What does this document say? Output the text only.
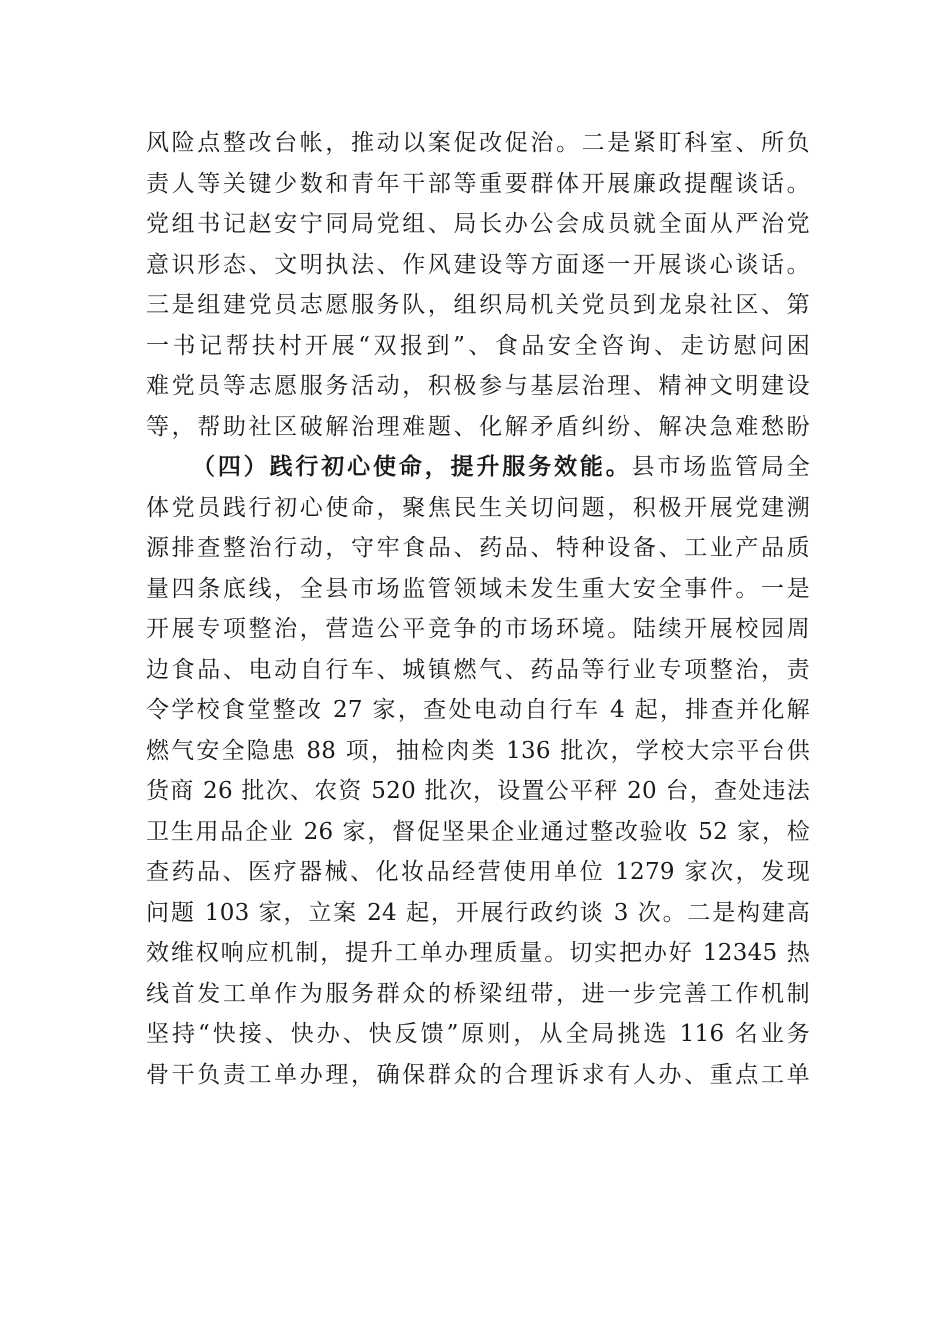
风险点整改台帐，推动以案促改促治。二是紧盯科室、所负
责人等关键少数和青年干部等重要群体开展廉政提醒谈话。
党组书记赵安宁同局党组、局长办公会成员就全面从严治党
意识形态、文明执法、作风建设等方面逐一开展谈心谈话。
三是组建党员志愿服务队，组织局机关党员到龙泉社区、第
一书记帮扶村开展“双报到”、食品安全咨询、走访慰问困
难党员等志愿服务活动，积极参与基层治理、精神文明建设
等，帮助社区破解治理难题、化解矛盾纠纷、解决急难愁盼
（四）践行初心使命，提升服务效能。县市场监管局全
体党员践行初心使命，聚焦民生关切问题，积极开展党建溯
源排查整治行动，守牢食品、药品、特种设备、工业产品质
量四条底线，全县市场监管领域未发生重大安全事件。一是
开展专项整治，营造公平竞争的市场环境。陆续开展校园周
边食品、电动自行车、城镇燃气、药品等行业专项整治，责
令学校食堂整改 27 家，查处电动自行车 4 起，排查并化解
燃气安全隐患 88 项，抽检肉类 136 批次，学校大宗平台供
货商 26 批次、农资 520 批次，设置公平秤 20 台，查处违法
卫生用品企业 26 家，督促坚果企业通过整改验收 52 家，检
查药品、医疗器械、化妆品经营使用单位 1279 家次，发现
问题 103 家，立案 24 起，开展行政约谈 3 次。二是构建高
效维权响应机制，提升工单办理质量。切实把办好 12345 热
线首发工单作为服务群众的桥梁纽带，进一步完善工作机制
坚持“快接、快办、快反馈”原则，从全局挑选 116 名业务
骨干负责工单办理，确保群众的合理诉求有人办、重点工单
